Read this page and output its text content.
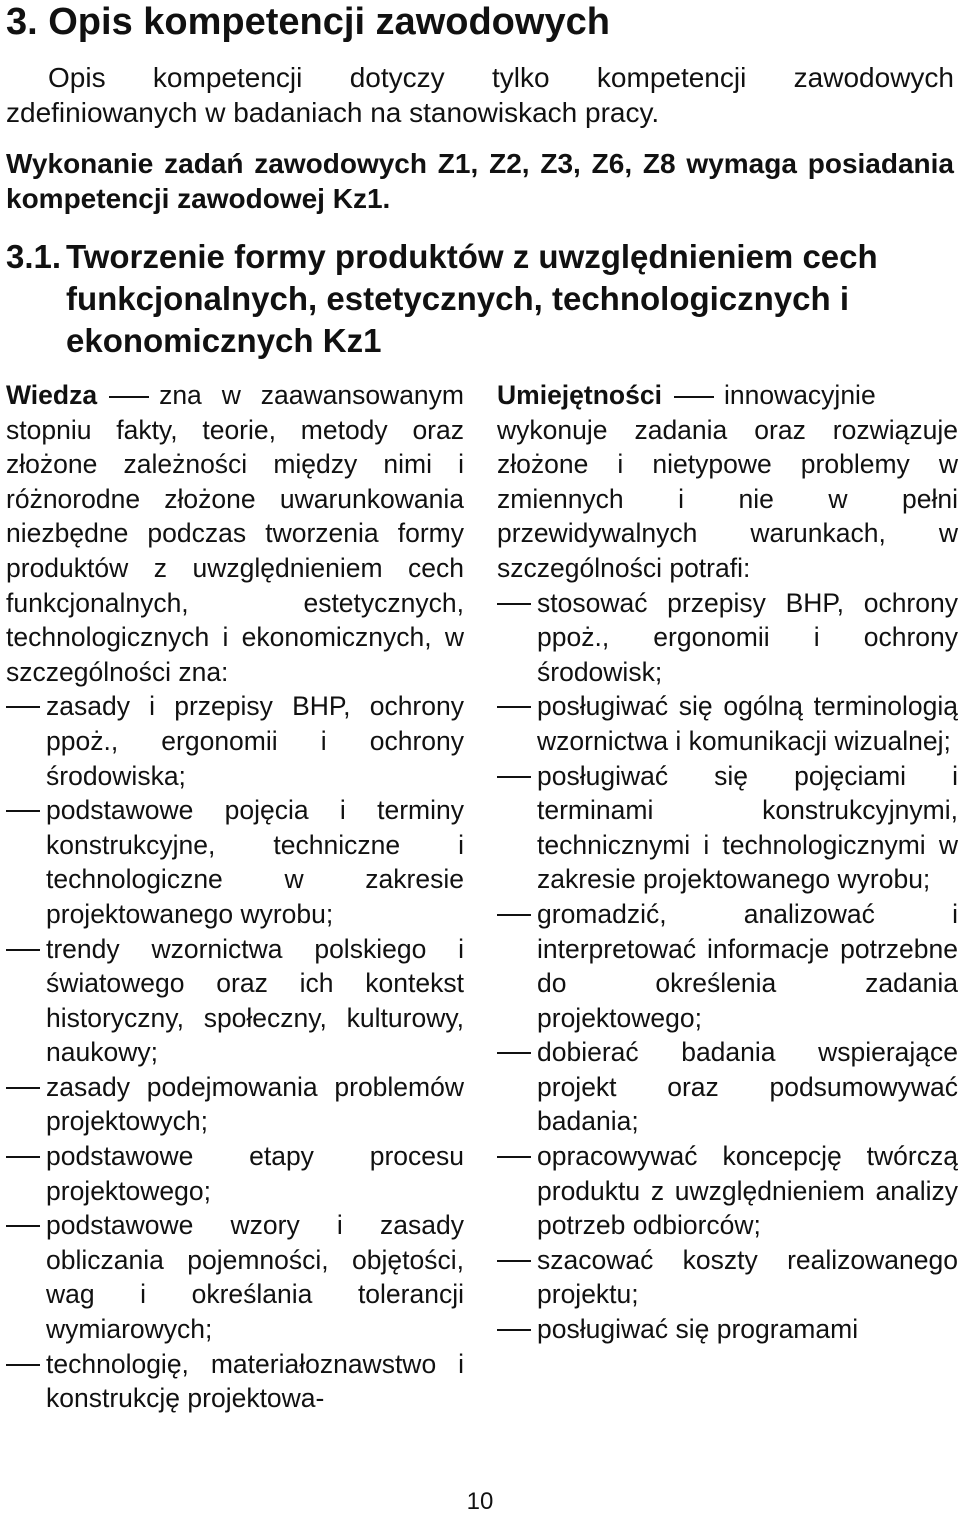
3. Opis kompetencji zawodowych

Opis kompetencji dotyczy tylko kompetencji zawodowych zdefiniowanych w badaniach na stanowiskach pracy.

Wykonanie zadań zawodowych Z1, Z2, Z3, Z6, Z8 wymaga posiadania kompetencji zawodowej Kz1.

3.1. Tworzenie formy produktów z uwzględnieniem cech funkcjonalnych, estetycznych, technologicznych i ekonomicznych Kz1

Wiedza zna w zaawansowanym stopniu fakty, teorie, metody oraz złożone zależności między nimi i różnorodne złożone uwarunkowania niezbędne podczas tworzenia formy produktów z uwzględnieniem cech funkcjonalnych, estetycznych, technologicznych i ekonomicznych, w szczególności zna:

zasady i przepisy BHP, ochrony ppoż., ergonomii i ochrony środowiska;
podstawowe pojęcia i terminy konstrukcyjne, techniczne i technologiczne w zakresie projektowanego wyrobu;
trendy wzornictwa polskiego i światowego oraz ich kontekst historyczny, społeczny, kulturowy, naukowy;
zasady podejmowania problemów projektowych;
podstawowe etapy procesu projektowego;
podstawowe wzory i zasady obliczania pojemności, objętości, wag i określania tolerancji wymiarowych;
technologię, materiałoznawstwo i konstrukcję projektowa-

Umiejętności innowacyjnie wykonuje zadania oraz rozwiązuje złożone i nietypowe problemy w zmiennych i nie w pełni przewidywalnych warunkach, w szczególności potrafi:

stosować przepisy BHP, ochrony ppoż., ergonomii i ochrony środowisk;
posługiwać się ogólną terminologią wzornictwa i komunikacji wizualnej;
posługiwać się pojęciami i terminami konstrukcyjnymi, technicznymi i technologicznymi w zakresie projektowanego wyrobu;
gromadzić, analizować i interpretować informacje potrzebne do określenia zadania projektowego;
dobierać badania wspierające projekt oraz podsumowywać badania;
opracowywać koncepcję twórczą produktu z uwzględnieniem analizy potrzeb odbiorców;
szacować koszty realizowanego projektu;
posługiwać się programami
10
